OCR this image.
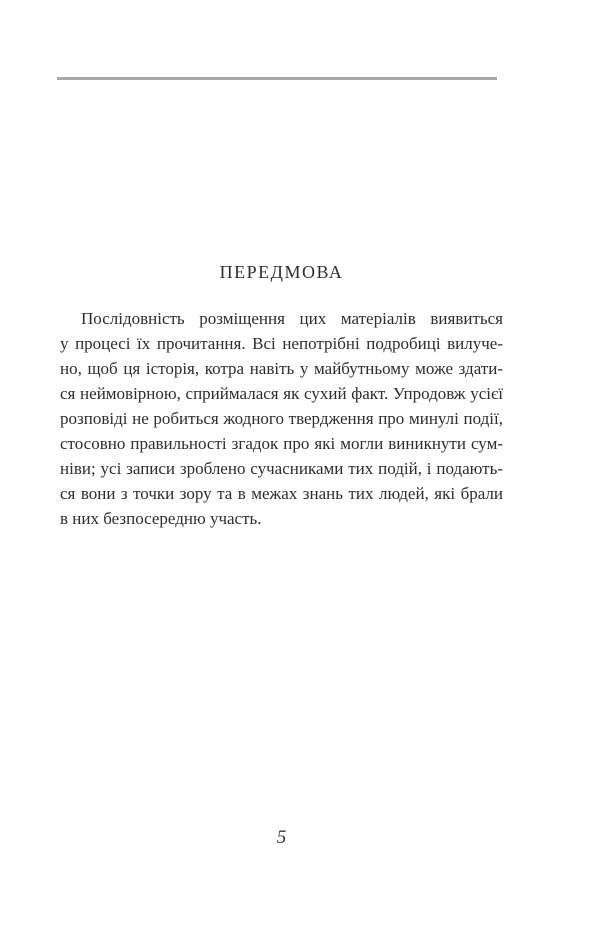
ПЕРЕДМОВА
Послідовність розміщення цих матеріалів виявиться
у процесі їх прочитання. Всі непотрібні подробиці вилуче-
но, щоб ця історія, котра навіть у майбутньому може здати-
ся неймовірною, сприймалася як сухий факт. Упродовж усієї
розповіді не робиться жодного твердження про минулі події,
стосовно правильності згадок про які могли виникнути сум-
ніви; усі записи зроблено сучасниками тих подій, і подають-
ся вони з точки зору та в межах знань тих людей, які брали
в них безпосередню участь.
5
